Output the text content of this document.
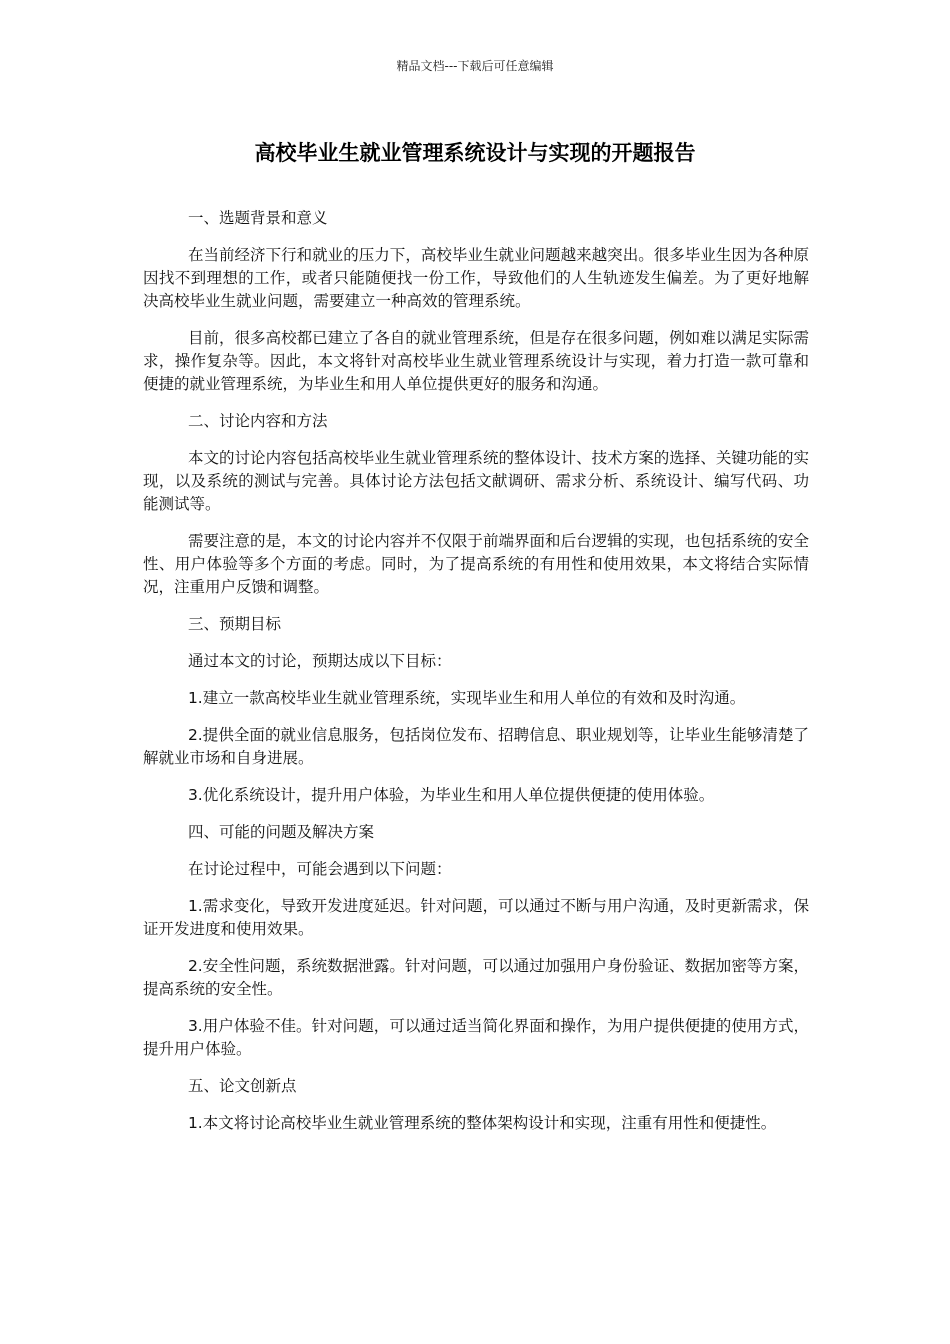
精品文档---下载后可任意编辑
高校毕业生就业管理系统设计与实现的开题报告

一、选题背景和意义

在当前经济下行和就业的压力下，高校毕业生就业问题越来越突出。很多毕业生因为各种原因找不到理想的工作，或者只能随便找一份工作，导致他们的人生轨迹发生偏差。为了更好地解决高校毕业生就业问题，需要建立一种高效的管理系统。

目前，很多高校都已建立了各自的就业管理系统，但是存在很多问题，例如难以满足实际需求，操作复杂等。因此，本文将针对高校毕业生就业管理系统设计与实现，着力打造一款可靠和便捷的就业管理系统，为毕业生和用人单位提供更好的服务和沟通。

二、讨论内容和方法

本文的讨论内容包括高校毕业生就业管理系统的整体设计、技术方案的选择、关键功能的实现，以及系统的测试与完善。具体讨论方法包括文献调研、需求分析、系统设计、编写代码、功能测试等。

需要注意的是，本文的讨论内容并不仅限于前端界面和后台逻辑的实现，也包括系统的安全性、用户体验等多个方面的考虑。同时，为了提高系统的有用性和使用效果，本文将结合实际情况，注重用户反馈和调整。

三、预期目标

通过本文的讨论，预期达成以下目标：

1.建立一款高校毕业生就业管理系统，实现毕业生和用人单位的有效和及时沟通。

2.提供全面的就业信息服务，包括岗位发布、招聘信息、职业规划等，让毕业生能够清楚了解就业市场和自身进展。

3.优化系统设计，提升用户体验，为毕业生和用人单位提供便捷的使用体验。

四、可能的问题及解决方案

在讨论过程中，可能会遇到以下问题：

1.需求变化，导致开发进度延迟。针对问题，可以通过不断与用户沟通，及时更新需求，保证开发进度和使用效果。

2.安全性问题，系统数据泄露。针对问题，可以通过加强用户身份验证、数据加密等方案，提高系统的安全性。

3.用户体验不佳。针对问题，可以通过适当简化界面和操作，为用户提供便捷的使用方式，提升用户体验。

五、论文创新点

1.本文将讨论高校毕业生就业管理系统的整体架构设计和实现，注重有用性和便捷性。
